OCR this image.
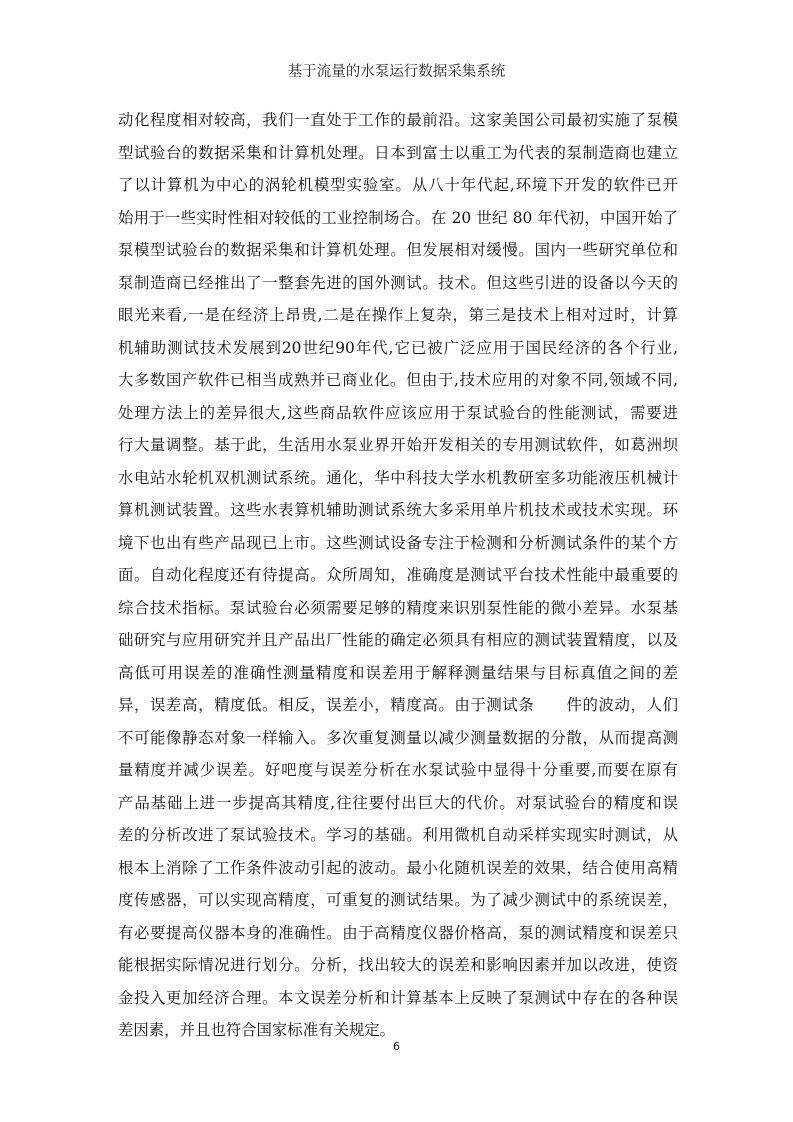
基于流量的水泵运行数据采集系统
动化程度相对较高，我们一直处于工作的最前沿。这家美国公司最初实施了泵模
型试验台的数据采集和计算机处理。日本到富士以重工为代表的泵制造商也建立
了以计算机为中心的涡轮机模型实验室。从八十年代起,环境下开发的软件已开
始用于一些实时性相对较低的工业控制场合。在 20 世纪 80 年代初，中国开始了
泵模型试验台的数据采集和计算机处理。但发展相对缓慢。国内一些研究单位和
泵制造商已经推出了一整套先进的国外测试。技术。但这些引进的设备以今天的
眼光来看,一是在经济上昂贵,二是在操作上复杂，第三是技术上相对过时，计算
机辅助测试技术发展到20世纪90年代,它已被广泛应用于国民经济的各个行业,
大多数国产软件已相当成熟并已商业化。但由于,技术应用的对象不同,领域不同,
处理方法上的差异很大,这些商品软件应该应用于泵试验台的性能测试，需要进
行大量调整。基于此，生活用水泵业界开始开发相关的专用测试软件，如葛洲坝
水电站水轮机双机测试系统。通化，华中科技大学水机教研室多功能液压机械计
算机测试装置。这些水表算机辅助测试系统大多采用单片机技术或技术实现。环
境下也出有些产品现已上市。这些测试设备专注于检测和分析测试条件的某个方
面。自动化程度还有待提高。众所周知，准确度是测试平台技术性能中最重要的
综合技术指标。泵试验台必须需要足够的精度来识别泵性能的微小差异。水泵基
础研究与应用研究并且产品出厂性能的确定必须具有相应的测试装置精度，以及
高低可用误差的准确性测量精度和误差用于解释测量结果与目标真值之间的差
异，误差高，精度低。相反，误差小，精度高。由于测试条　　件的波动，人们
不可能像静态对象一样输入。多次重复测量以减少测量数据的分散，从而提高测
量精度并减少误差。好吧度与误差分析在水泵试验中显得十分重要,而要在原有
产品基础上进一步提高其精度,往往要付出巨大的代价。对泵试验台的精度和误
差的分析改进了泵试验技术。学习的基础。利用微机自动采样实现实时测试，从
根本上消除了工作条件波动引起的波动。最小化随机误差的效果，结合使用高精
度传感器，可以实现高精度，可重复的测试结果。为了减少测试中的系统误差，
有必要提高仪器本身的准确性。由于高精度仪器价格高，泵的测试精度和误差只
能根据实际情况进行划分。分析，找出较大的误差和影响因素并加以改进，使资
金投入更加经济合理。本文误差分析和计算基本上反映了泵测试中存在的各种误
差因素，并且也符合国家标准有关规定。
6
